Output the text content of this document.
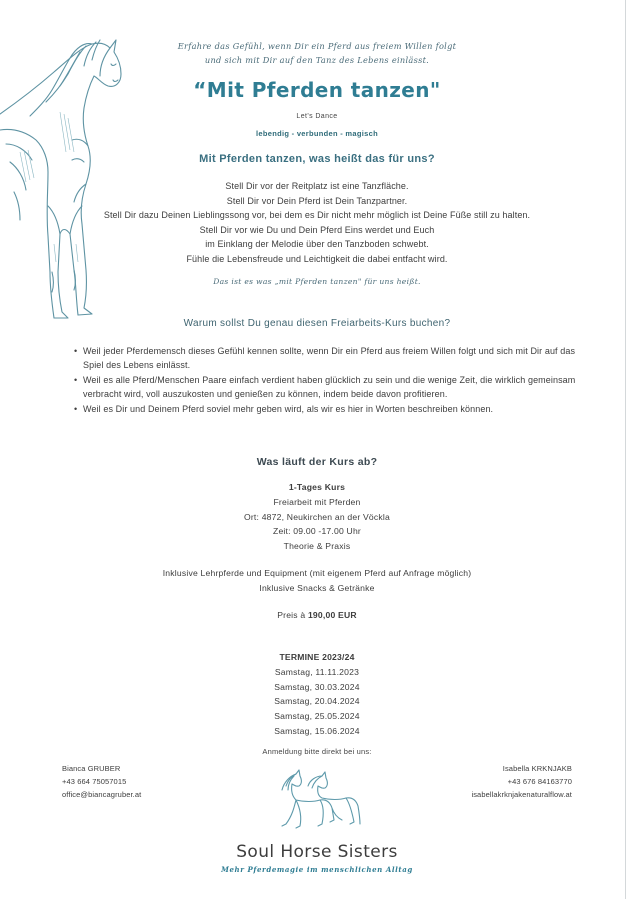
Erfahre das Gefühl, wenn Dir ein Pferd aus freiem Willen folgt
und sich mit Dir auf den Tanz des Lebens einlässt.
“Mit Pferden tanzen"
Let's Dance
lebendig - verbunden - magisch
Mit Pferden tanzen, was heißt das für uns?
Stell Dir vor der Reitplatz ist eine Tanzfläche.
Stell Dir vor Dein Pferd ist Dein Tanzpartner.
Stell Dir dazu Deinen Lieblingssong vor, bei dem es Dir nicht mehr möglich ist Deine Füße still zu halten.
Stell Dir vor wie Du und Dein Pferd Eins werdet und Euch
im Einklang der Melodie über den Tanzboden schwebt.
Fühle die Lebensfreude und Leichtigkeit die dabei entfacht wird.
Das ist es was „mit Pferden tanzen" für uns heißt.
Warum sollst Du genau diesen Freiarbeits-Kurs buchen?
• Weil jeder Pferdemensch dieses Gefühl kennen sollte, wenn Dir ein Pferd aus freiem Willen folgt und sich mit Dir auf das Spiel des Lebens einlässt.
• Weil es alle Pferd/Menschen Paare einfach verdient haben glücklich zu sein und die wenige Zeit, die wirklich gemeinsam verbracht wird, voll auszukosten und genießen zu können, indem beide davon profitieren.
• Weil es Dir und Deinem Pferd soviel mehr geben wird, als wir es hier in Worten beschreiben können.
Was läuft der Kurs ab?
1-Tages Kurs
Freiarbeit mit Pferden
Ort: 4872, Neukirchen an der Vöckla
Zeit: 09.00 -17.00 Uhr
Theorie & Praxis
Inklusive Lehrpferde und Equipment (mit eigenem Pferd auf Anfrage möglich)
Inklusive Snacks & Getränke
Preis à 190,00 EUR
TERMINE 2023/24
Samstag, 11.11.2023
Samstag, 30.03.2024
Samstag, 20.04.2024
Samstag, 25.05.2024
Samstag, 15.06.2024
Anmeldung bitte direkt bei uns:
Bianca GRUBER
+43 664 75057015
office@biancagruber.at
Isabella KRKNJAKB
+43 676 84163770
isabellakrknjakenaturalflow.at
Soul Horse Sisters
Mehr Pferdemagie im menschlichen Alltag
